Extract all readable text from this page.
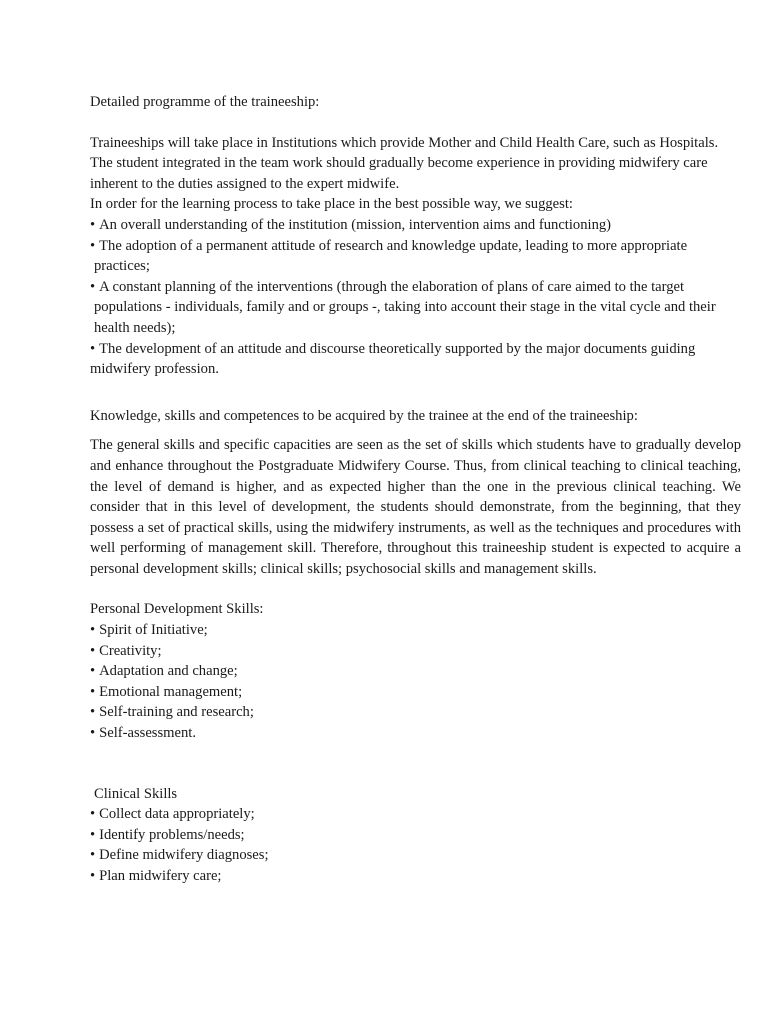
Detailed programme of the traineeship:

Traineeships will take place in Institutions which provide Mother and Child Health Care, such as Hospitals.
The student integrated in the team work should gradually become experience in providing midwifery care
inherent to the duties assigned to the expert midwife.
In order for the learning process to take place in the best possible way, we suggest:
• An overall understanding of the institution (mission, intervention aims and functioning)
• The adoption of a permanent attitude of research and knowledge update, leading to more appropriate
practices;
• A constant planning of the interventions (through the elaboration of plans of care aimed to the target
populations - individuals, family and or groups -, taking into account their stage in the vital cycle and their
health needs);
• The development of an attitude and discourse theoretically supported by the major documents guiding
midwifery profession.

Knowledge, skills and competences to be acquired by the trainee at the end of the traineeship:

The general skills and specific capacities are seen as the set of skills which students have to gradually develop and enhance throughout the Postgraduate Midwifery Course. Thus, from clinical teaching to clinical teaching, the level of demand is higher, and as expected higher than the one in the previous clinical teaching. We consider that in this level of development, the students should demonstrate, from the beginning, that they possess a set of practical skills, using the midwifery instruments, as well as the techniques and procedures with well performing of management skill. Therefore, throughout this traineeship student is expected to acquire a personal development skills; clinical skills; psychosocial skills and management skills.

Personal Development Skills:

• Spirit of Initiative;
• Creativity;
• Adaptation and change;
• Emotional management;
• Self-training and research;
• Self-assessment.

Clinical Skills

• Collect data appropriately;
• Identify problems/needs;
• Define midwifery diagnoses;
• Plan midwifery care;
